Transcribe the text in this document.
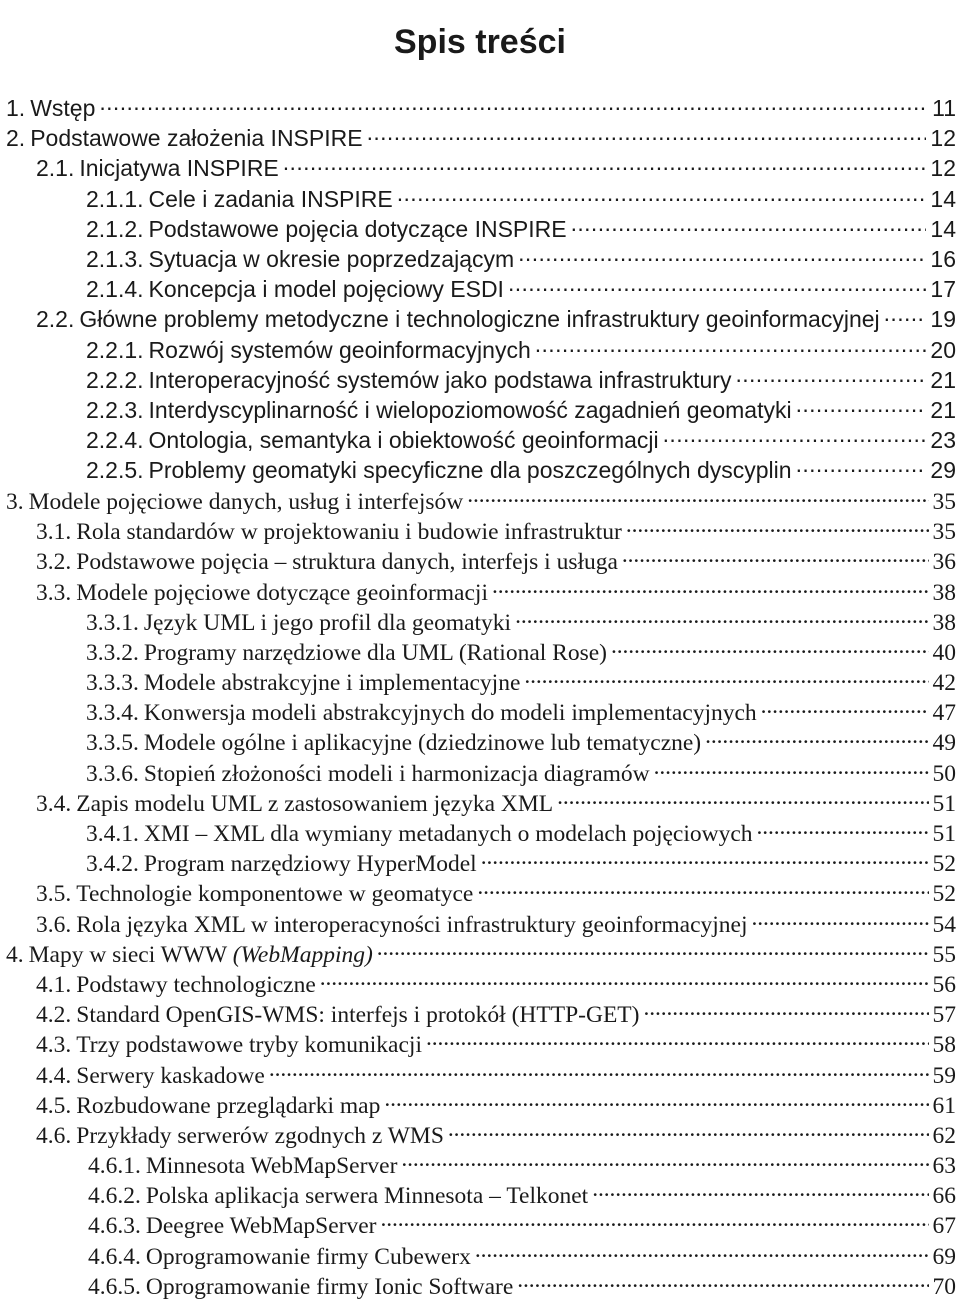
Spis treści
1. Wstęp . . .	11
2. Podstawowe założenia INSPIRE . . .	12
2.1. Inicjatywa INSPIRE . . .	12
2.1.1. Cele i zadania INSPIRE . . .	14
2.1.2. Podstawowe pojęcia dotyczące INSPIRE . . .	14
2.1.3. Sytuacja w okresie poprzedzającym . . .	16
2.1.4. Koncepcja i model pojęciowy ESDI . . .	17
2.2. Główne problemy metodyczne i technologiczne infrastruktury geoinformacyjnej . . . 19
2.2.1. Rozwój systemów geoinformacyjnych . . .	20
2.2.2. Interoperacyjność systemów jako podstawa infrastruktury . . .	21
2.2.3. Interdyscyplinarność i wielopoziomowość zagadnień geomatyki . . .	21
2.2.4. Ontologia, semantyka i obiektowość geoinformacji . . .	23
2.2.5. Problemy geomatyki specyficzne dla poszczególnych dyscyplin . . .	29
3. Modele pojęciowe danych, usług i interfejsów . . .	35
3.1. Rola standardów w projektowaniu i budowie infrastruktur . . .	35
3.2. Podstawowe pojęcia – struktura danych, interfejs i usługa . . .	36
3.3. Modele pojęciowe dotyczące geoinformacji . . .	38
3.3.1. Język UML i jego profil dla geomatyki . . .	38
3.3.2. Programy narzędziowe dla UML (Rational Rose) . . .	40
3.3.3. Modele abstrakcyjne i implementacyjne . . .	42
3.3.4. Konwersja modeli abstrakcyjnych do modeli implementacyjnych . . .	47
3.3.5. Modele ogólne i aplikacyjne (dziedzinowe lub tematyczne) . . .	49
3.3.6. Stopień złożoności modeli i harmonizacja diagramów . . .	50
3.4. Zapis modelu UML z zastosowaniem języka XML . . .	51
3.4.1. XMI – XML dla wymiany metadanych o modelach pojęciowych . . .	51
3.4.2. Program narzędziowy HyperModel . . .	52
3.5. Technologie komponentowe w geomatyce . . .	52
3.6. Rola języka XML w interoperacyności infrastruktury geoinformacyjnej . . .	54
4. Mapy w sieci WWW (WebMapping) . . .	55
4.1. Podstawy technologiczne . . .	56
4.2. Standard OpenGIS-WMS: interfejs i protokół (HTTP-GET) . . .	57
4.3. Trzy podstawowe tryby komunikacji . . .	58
4.4. Serwery kaskadowe . . .	59
4.5. Rozbudowane przeglądarki map . . .	61
4.6. Przykłady serwerów zgodnych z WMS . . .	62
4.6.1. Minnesota WebMapServer . . .	63
4.6.2. Polska aplikacja serwera Minnesota – Telkonet . . .	66
4.6.3. Deegree WebMapServer . . .	67
4.6.4. Oprogramowanie firmy Cubewerx . . .	69
4.6.5. Oprogramowanie firmy Ionic Software . . .	70
